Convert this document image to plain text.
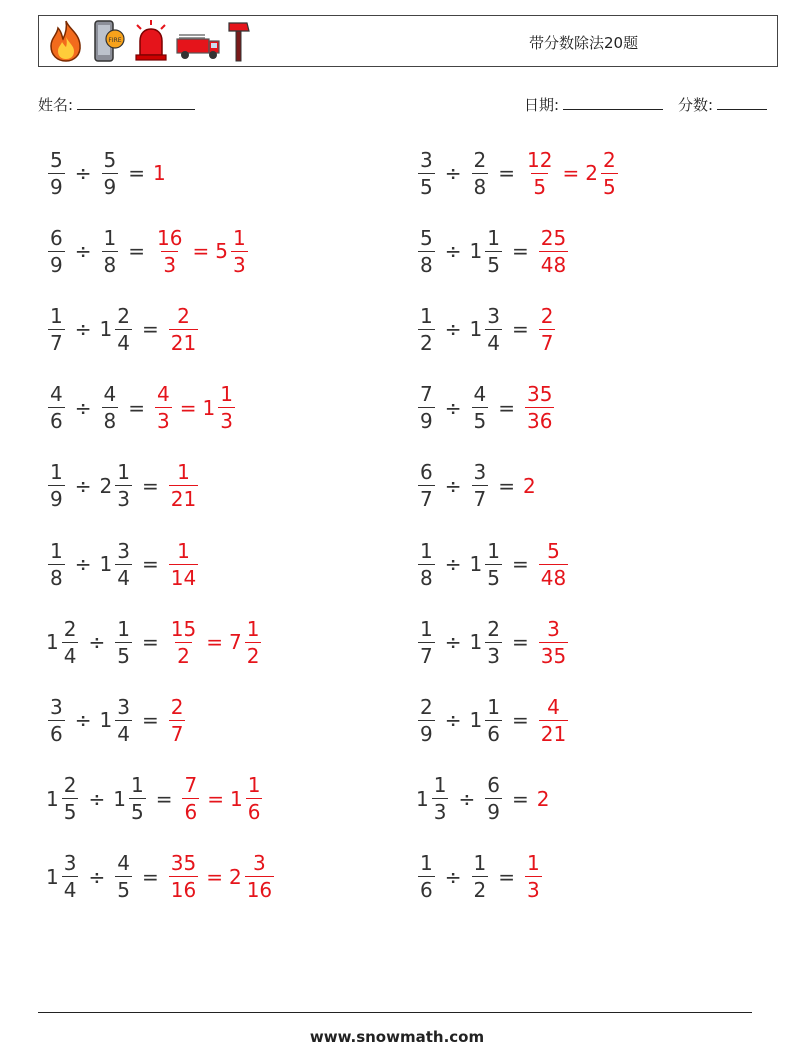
FIRE	带分数除法20题
姓名:	日期:	分数:
$\frac{5}{9} \div \frac{5}{9} = 1$	$\frac{3}{5} \div \frac{2}{8} = \frac{12}{5} = 2 \frac{2}{5}$
$\frac{6}{9} \div \frac{1}{8} = \frac{16}{3} = 5 \frac{1}{3}$	$\frac{5}{8} \div 1 \frac{1}{5} = \frac{25}{48}$
$\frac{1}{7} \div 1 \frac{2}{4} = \frac{2}{21}$	$\frac{1}{2} \div 1 \frac{3}{4} = \frac{2}{7}$
$\frac{4}{6} \div \frac{4}{8} = \frac{4}{3} = 1 \frac{1}{3}$	$\frac{7}{9} \div \frac{4}{5} = \frac{35}{36}$
$\frac{1}{9} \div 2 \frac{1}{3} = \frac{1}{21}$	$\frac{6}{7} \div \frac{3}{7} = 2$
$\frac{1}{8} \div 1 \frac{3}{4} = \frac{1}{14}$	$\frac{1}{8} \div 1 \frac{1}{5} = \frac{5}{48}$
$1 \frac{2}{4} \div \frac{1}{5} = \frac{15}{2} = 7 \frac{1}{2}$	$\frac{1}{7} \div 1 \frac{2}{3} = \frac{3}{35}$
$\frac{3}{6} \div 1 \frac{3}{4} = \frac{2}{7}$	$\frac{2}{9} \div 1 \frac{1}{6} = \frac{4}{21}$
$1 \frac{2}{5} \div 1 \frac{1}{5} = \frac{7}{6} = 1 \frac{1}{6}$	$1 \frac{1}{3} \div \frac{6}{9} = 2$
$1 \frac{3}{4} \div \frac{4}{5} = \frac{35}{16} = 2 \frac{3}{16}$	$\frac{1}{6} \div \frac{1}{2} = \frac{1}{3}$
www.snowmath.com
